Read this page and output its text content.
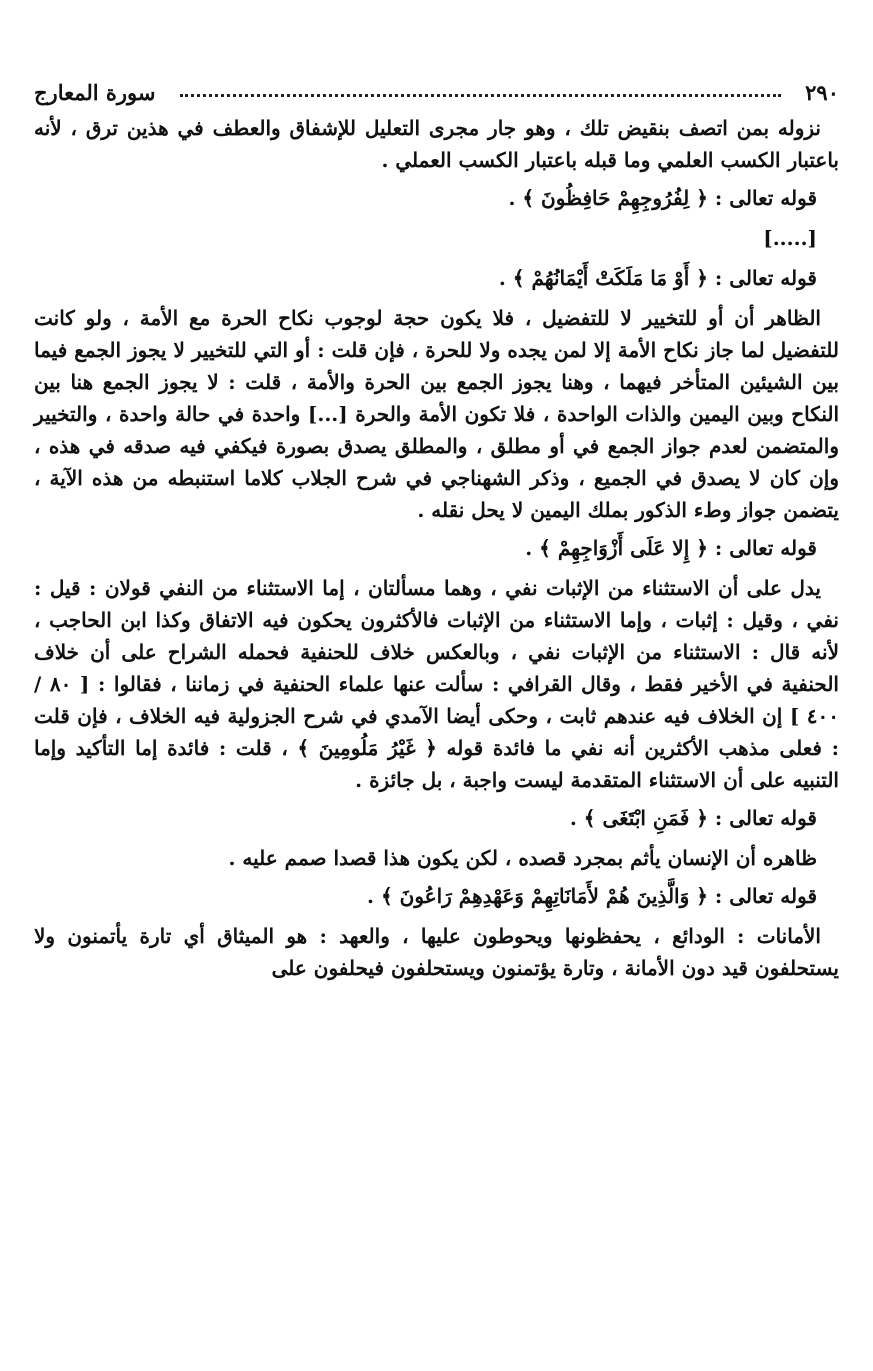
٢٩٠
سورة المعارج

نزوله بمن اتصف بنقيض تلك ، وهو جار مجرى التعليل للإشفاق والعطف في هذين ترق ، لأنه باعتبار الكسب العلمي وما قبله باعتبار الكسب العملي .

قوله تعالى : ﴿ لِفُرُوجِهِمْ حَافِظُونَ ﴾ .

[.....]

قوله تعالى : ﴿ أَوْ مَا مَلَكَتْ أَيْمَانُهُمْ ﴾ .

الظاهر أن أو للتخيير لا للتفضيل ، فلا يكون حجة لوجوب نكاح الحرة مع الأمة ، ولو كانت للتفضيل لما جاز نكاح الأمة إلا لمن يجده ولا للحرة ، فإن قلت : أو التي للتخيير لا يجوز الجمع فيما بين الشيئين المتأخر فيهما ، وهنا يجوز الجمع بين الحرة والأمة ، قلت : لا يجوز الجمع هنا بين النكاح وبين اليمين والذات الواحدة ، فلا تكون الأمة والحرة [...] واحدة في حالة واحدة ، والتخيير والمتضمن لعدم جواز الجمع في أو مطلق ، والمطلق يصدق بصورة فيكفي فيه صدقه في هذه ، وإن كان لا يصدق في الجميع ، وذكر الشهناجي في شرح الجلاب كلاما استنبطه من هذه الآية ، يتضمن جواز وطء الذكور بملك اليمين لا يحل نقله .

قوله تعالى : ﴿ إِلا عَلَى أَزْوَاجِهِمْ ﴾ .

يدل على أن الاستثناء من الإثبات نفي ، وهما مسألتان ، إما الاستثناء من النفي قولان : قيل : نفي ، وقيل : إثبات ، وإما الاستثناء من الإثبات فالأكثرون يحكون فيه الاتفاق وكذا ابن الحاجب ، لأنه قال : الاستثناء من الإثبات نفي ، وبالعكس خلاف للحنفية فحمله الشراح على أن خلاف الحنفية في الأخير فقط ، وقال القرافي : سألت عنها علماء الحنفية في زماننا ، فقالوا : [ ٨٠ / ٤٠٠ ] إن الخلاف فيه عندهم ثابت ، وحكى أيضا الآمدي في شرح الجزولية فيه الخلاف ، فإن قلت : فعلى مذهب الأكثرين أنه نفي ما فائدة قوله ﴿ غَيْرُ مَلُومِينَ ﴾ ، قلت : فائدة إما التأكيد وإما التنبيه على أن الاستثناء المتقدمة ليست واجبة ، بل جائزة .

قوله تعالى : ﴿ فَمَنِ ابْتَغَى ﴾ .

ظاهره أن الإنسان يأثم بمجرد قصده ، لكن يكون هذا قصدا صمم عليه .

قوله تعالى : ﴿ وَالَّذِينَ هُمْ لأَمَانَاتِهِمْ وَعَهْدِهِمْ رَاعُونَ ﴾ .

الأمانات : الودائع ، يحفظونها ويحوطون عليها ، والعهد : هو الميثاق أي تارة يأتمنون ولا يستحلفون قيد دون الأمانة ، وتارة يؤتمنون ويستحلفون فيحلفون على
